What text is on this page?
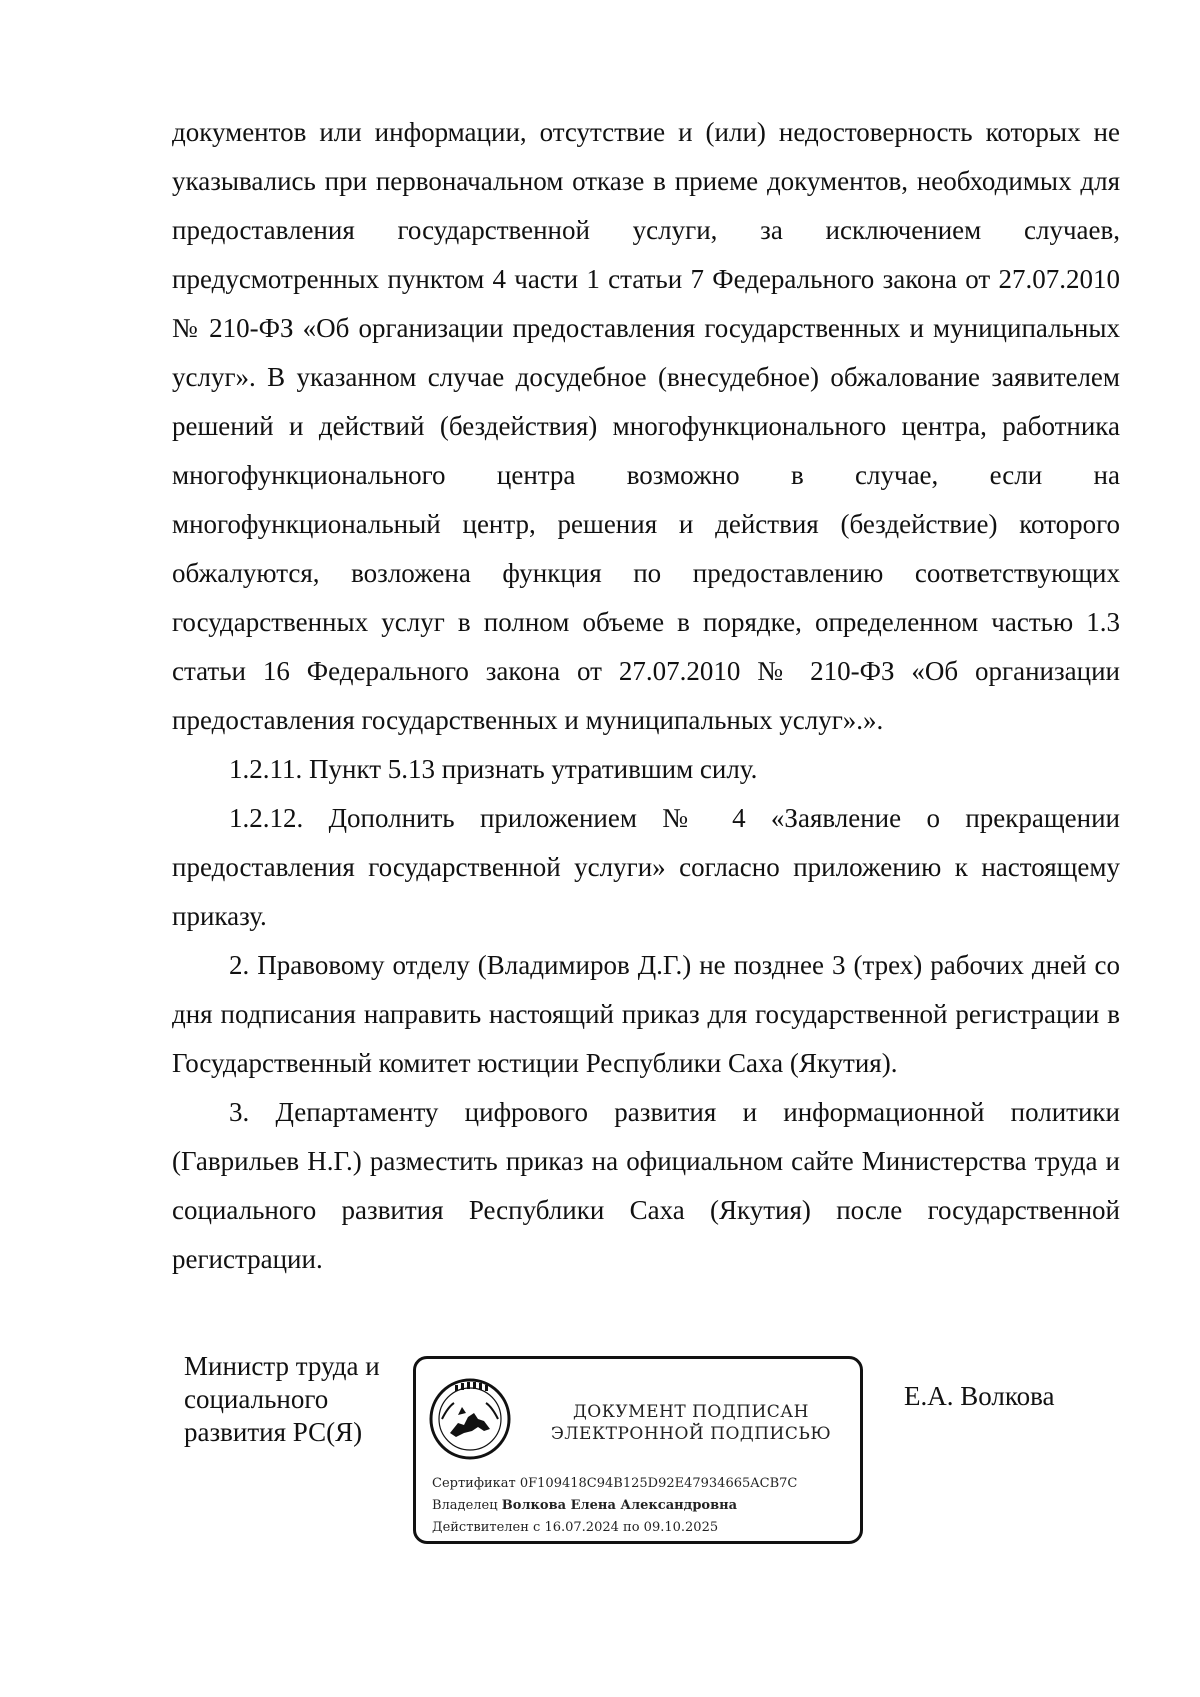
документов или информации, отсутствие и (или) недостоверность которых не указывались при первоначальном отказе в приеме документов, необходимых для предоставления государственной услуги, за исключением случаев, предусмотренных пунктом 4 части 1 статьи 7 Федерального закона от 27.07.2010 № 210-ФЗ «Об организации предоставления государственных и муниципальных услуг». В указанном случае досудебное (внесудебное) обжалование заявителем решений и действий (бездействия) многофункционального центра, работника многофункционального центра возможно в случае, если на многофункциональный центр, решения и действия (бездействие) которого обжалуются, возложена функция по предоставлению соответствующих государственных услуг в полном объеме в порядке, определенном частью 1.3 статьи 16 Федерального закона от 27.07.2010 № 210-ФЗ «Об организации предоставления государственных и муниципальных услуг».».

1.2.11. Пункт 5.13 признать утратившим силу.

1.2.12. Дополнить приложением № 4 «Заявление о прекращении предоставления государственной услуги» согласно приложению к настоящему приказу.

2. Правовому отделу (Владимиров Д.Г.) не позднее 3 (трех) рабочих дней со дня подписания направить настоящий приказ для государственной регистрации в Государственный комитет юстиции Республики Саха (Якутия).

3. Департаменту цифрового развития и информационной политики (Гаврильев Н.Г.) разместить приказ на официальном сайте Министерства труда и социального развития Республики Саха (Якутия) после государственной регистрации.

Министр труда и
социального
развития РС(Я)

ДОКУМЕНТ ПОДПИСАН
ЭЛЕКТРОННОЙ ПОДПИСЬЮ
Сертификат 0F109418C94B125D92E47934665ACB7C
Владелец Волкова Елена Александровна
Действителен с 16.07.2024 по 09.10.2025

Е.А. Волкова
